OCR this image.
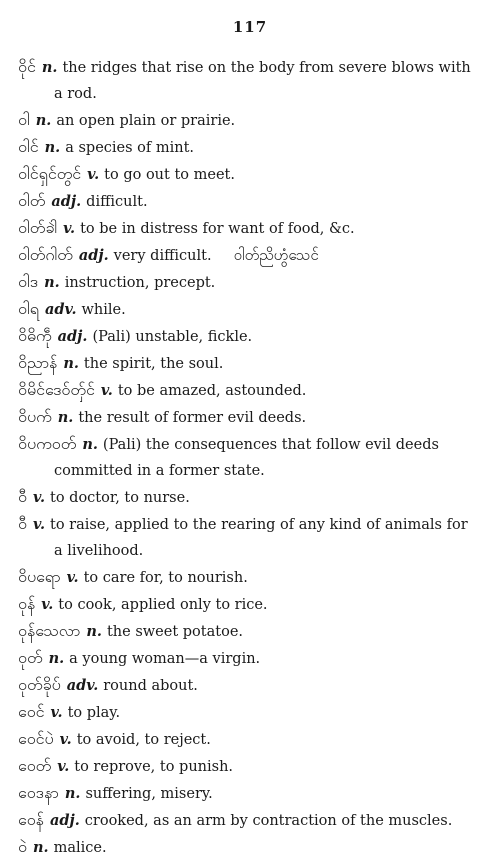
117
ဝိုင် n. the ridges that rise on the body from severe blows with a rod.
ဝါ n. an open plain or prairie.
ဝါင် n. a species of mint.
ဝါင်ရှင်တွင် v. to go out to meet.
ဝါတ် adj. difficult.
ဝါတ်ခါဲ v. to be in distress for want of food, &c.
ဝါတ်ဂါတ် adj. very difficult. ဝါတ်ညိဟွံသေင်
ဝါဒ n. instruction, precept.
ဝါရ adv. while.
ဝိဓိကဵု adj. (Pali) unstable, fickle.
ဝိညာန် n. the spirit, the soul.
ဝိမိင်ဒေဝ်တှ်င် v. to be amazed, astounded.
ဝိပက် n. the result of former evil deeds.
ဝိပကဝတ် n. (Pali) the consequences that follow evil deeds committed in a former state.
ဝီ v. to doctor, to nurse.
ဝီ v. to raise, applied to the rearing of any kind of animals for a livelihood.
ဝိပရော v. to care for, to nourish.
ဝုန် v. to cook, applied only to rice.
ဝုန်သေလာ n. the sweet potatoe.
ဝုတ် n. a young woman—a virgin.
ဝုတ်ခိုပ် adv. round about.
ဝေင် v. to play.
ဝေင်ပဲ v. to avoid, to reject.
ဝေတ် v. to reprove, to punish.
ဝေဒနာ n. suffering, misery.
ဝေန် adj. crooked, as an arm by contraction of the muscles.
ဝဲ n. malice.
